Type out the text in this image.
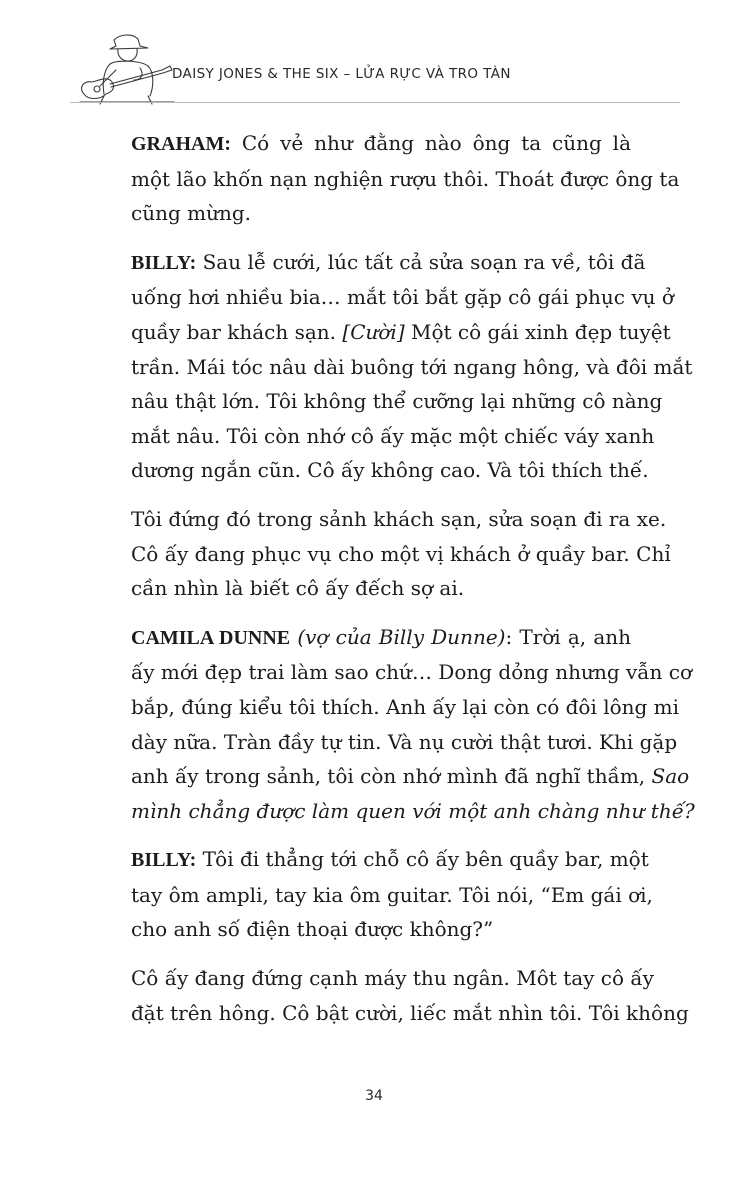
DAISY JONES & THE SIX – LỬA RỰC VÀ TRO TÀN

GRAHAM: Có vẻ như đằng nào ông ta cũng là
một lão khốn nạn nghiện rượu thôi. Thoát được ông ta
cũng mừng.

BILLY: Sau lễ cưới, lúc tất cả sửa soạn ra về, tôi đã
uống hơi nhiều bia… mắt tôi bắt gặp cô gái phục vụ ở
quầy bar khách sạn. [Cười] Một cô gái xinh đẹp tuyệt
trần. Mái tóc nâu dài buông tới ngang hông, và đôi mắt
nâu thật lớn. Tôi không thể cưỡng lại những cô nàng
mắt nâu. Tôi còn nhớ cô ấy mặc một chiếc váy xanh
dương ngắn cũn. Cô ấy không cao. Và tôi thích thế.

Tôi đứng đó trong sảnh khách sạn, sửa soạn đi ra xe.
Cô ấy đang phục vụ cho một vị khách ở quầy bar. Chỉ
cần nhìn là biết cô ấy đếch sợ ai.

CAMILA DUNNE (vợ của Billy Dunne): Trời ạ, anh
ấy mới đẹp trai làm sao chứ… Dong dỏng nhưng vẫn cơ
bắp, đúng kiểu tôi thích. Anh ấy lại còn có đôi lông mi
dày nữa. Tràn đầy tự tin. Và nụ cười thật tươi. Khi gặp
anh ấy trong sảnh, tôi còn nhớ mình đã nghĩ thầm, Sao
mình chẳng được làm quen với một anh chàng như thế?

BILLY: Tôi đi thẳng tới chỗ cô ấy bên quầy bar, một
tay ôm ampli, tay kia ôm guitar. Tôi nói, “Em gái ơi,
cho anh số điện thoại được không?”

Cô ấy đang đứng cạnh máy thu ngân. Môt tay cô ấy
đặt trên hông. Cô bật cười, liếc mắt nhìn tôi. Tôi không

34
